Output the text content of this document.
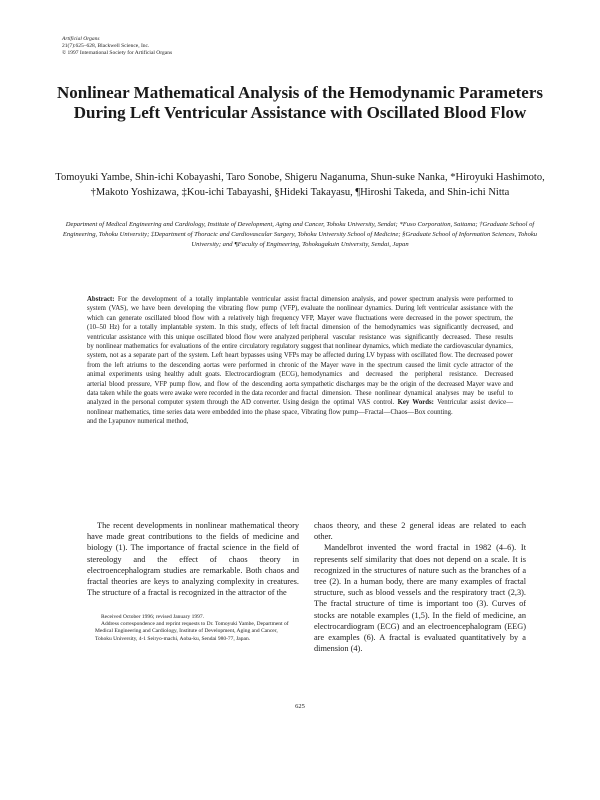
Artificial Organs
21(7):625–628, Blackwell Science, Inc.
© 1997 International Society for Artificial Organs
Nonlinear Mathematical Analysis of the Hemodynamic Parameters During Left Ventricular Assistance with Oscillated Blood Flow
Tomoyuki Yambe, Shin-ichi Kobayashi, Taro Sonobe, Shigeru Naganuma, Shun-suke Nanka, *Hiroyuki Hashimoto, †Makoto Yoshizawa, ‡Kou-ichi Tabayashi, §Hideki Takayasu, ¶Hiroshi Takeda, and Shin-ichi Nitta
Department of Medical Engineering and Cardiology, Institute of Development, Aging and Cancer, Tohoku University, Sendai; *Fuso Corporation, Saitama; †Graduate School of Engineering, Tohoku University; ‡Department of Thoracic and Cardiovascular Surgery, Tohoku University School of Medicine; §Graduate School of Information Sciences, Tohoku University; and ¶Faculty of Engineering, Tohokugakuin University, Sendai, Japan
Abstract: For the development of a totally implantable ventricular assist system (VAS), we have been developing the vibrating flow pump (VFP), which can generate oscillated blood flow with a relatively high frequency (10–50 Hz) for a totally implantable system. In this study, effects of left ventricular assistance with this unique oscillated blood flow were analyzed by nonlinear mathematics for evaluations of the entire circulatory regulatory system, not as a separate part of the system. Left heart bypasses using VFPs from the left atriums to the descending aortas were performed in chronic animal experiments using healthy adult goats. Electrocardiogram (ECG), arterial blood pressure, VFP pump flow, and flow of the descending aorta data taken while the goats were awake were recorded in the data recorder and analyzed in the personal computer system through the AD converter. Using nonlinear mathematics, time series data were embedded into the phase space, and the Lyapunov numerical method,
fractal dimension analysis, and power spectrum analysis were performed to evaluate the nonlinear dynamics. During left ventricular assistance with the VFP, Mayer wave fluctuations were decreased in the power spectrum, the fractal dimension of the hemodynamics was significantly decreased, and peripheral vascular resistance was significantly decreased. These results suggest that nonlinear dynamics, which mediate the cardiovascular dynamics, may be affected during LV bypass with oscillated flow. The decreased power of the Mayer wave in the spectrum caused the limit cycle attractor of the hemodynamics and decreased the peripheral resistance. Decreased sympathetic discharges may be the origin of the decreased Mayer wave and fractal dimension. These nonlinear dynamical analyses may be useful to design the optimal VAS control. Key Words: Ventricular assist device—Vibrating flow pump—Fractal—Chaos—Box counting.

The recent developments in nonlinear mathematical theory have made great contributions to the fields of medicine and biology (1). The importance of fractal science in the field of stereology and the effect of chaos theory in electroencephalogram studies are remarkable. Both chaos and fractal theories are keys to analyzing complexity in creatures. The structure of a fractal is recognized in the attractor of the

chaos theory, and these 2 general ideas are related to each other.

Mandelbrot invented the word fractal in 1982 (4–6). It represents self similarity that does not depend on a scale. It is recognized in the structures of nature such as the branches of a tree (2). In a human body, there are many examples of fractal structure, such as blood vessels and the respiratory tract (2,3). The fractal structure of time is important too (3). Curves of stocks are notable examples (1,5). In the field of medicine, an electrocardiogram (ECG) and an electroencephalogram (EEG) are examples (6). A fractal is evaluated quantitatively by a dimension (4).

Received October 1996; revised January 1997.

Address correspondence and reprint requests to Dr. Tomoyuki Yambe, Department of Medical Engineering and Cardiology, Institute of Development, Aging and Cancer, Tohoku University, 4-1 Seiryo-machi, Aoba-ku, Sendai 980-77, Japan.

625
